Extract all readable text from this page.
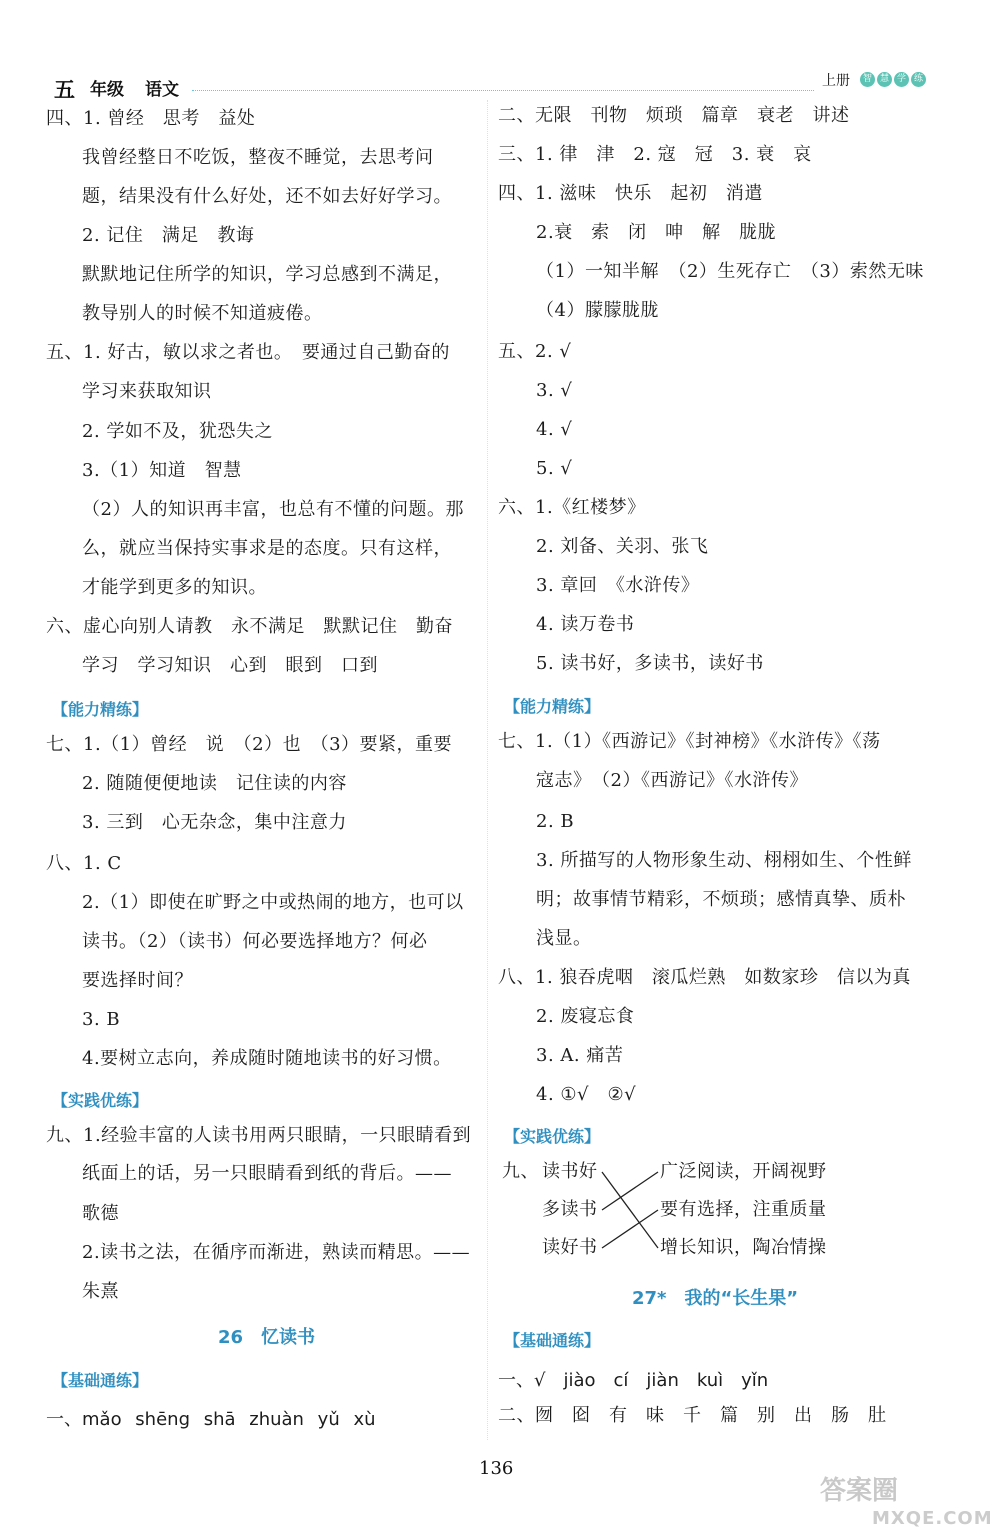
五 年级 语文	上册	智 慧 学 练
四、1. 曾经　思考　益处
我曾经整日不吃饭，整夜不睡觉，去思考问
题，结果没有什么好处，还不如去好好学习。
2. 记住　满足　教诲
默默地记住所学的知识，学习总感到不满足，
教导别人的时候不知道疲倦。
五、1. 好古，敏以求之者也。　要通过自己勤奋的
学习来获取知识
2. 学如不及，犹恐失之
3.（1）知道　智慧
（2）人的知识再丰富，也总有不懂的问题。那
么，就应当保持实事求是的态度。只有这样，
才能学到更多的知识。
六、虚心向别人请教　永不满足　默默记住　勤奋
学习　学习知识　心到　眼到　口到
【能力精练】
七、1.（1）曾经　说　（2）也　（3）要紧，重要
2. 随随便便地读　记住读的内容
3. 三到　心无杂念，集中注意力
八、1. C
2.（1）即使在旷野之中或热闹的地方，也可以
读书。（2）（读书）何必要选择地方？何必
要选择时间？
3. B
4.要树立志向，养成随时随地读书的好习惯。
【实践优练】
九、1.经验丰富的人读书用两只眼睛，一只眼睛看到
纸面上的话，另一只眼睛看到纸的背后。——
歌德
2.读书之法，在循序而渐进，熟读而精思。——
朱熹
26　忆读书
【基础通练】
一、mǎo shēng shā zhuàn yǔ xù
二、无限　刊物　烦琐　篇章　衰老　讲述
三、1. 律　津　2. 寇　冠　3. 衰　哀
四、1. 滋味　快乐　起初　消遣
2.衰　索　闭　呻　解　胧胧
（1）一知半解　（2）生死存亡　（3）索然无味
（4）朦朦胧胧
五、2. √
3. √
4. √
5. √
六、1.《红楼梦》
2. 刘备、关羽、张飞
3. 章回　《水浒传》
4. 读万卷书
5. 读书好，多读书，读好书
【能力精练】
七、1.（1）《西游记》《封神榜》《水浒传》《荡
寇志》　（2）《西游记》《水浒传》
2. B
3. 所描写的人物形象生动、栩栩如生、个性鲜
明；故事情节精彩，不烦琐；感情真挚、质朴
浅显。
八、1. 狼吞虎咽　滚瓜烂熟　如数家珍　信以为真
2. 废寝忘食
3. A. 痛苦
4. ①√　②√
【实践优练】
九、 读书好
多读书
读好书
广泛阅读，开阔视野
要有选择，注重质量
增长知识，陶冶情操
27*　我的“长生果”
【基础通练】
一、√　jiào　cí　jiàn　kuì　yǐn
二、囫　囵　有　味　千　篇　别　出　肠　肚
136
答案圈
MXQE.COM
